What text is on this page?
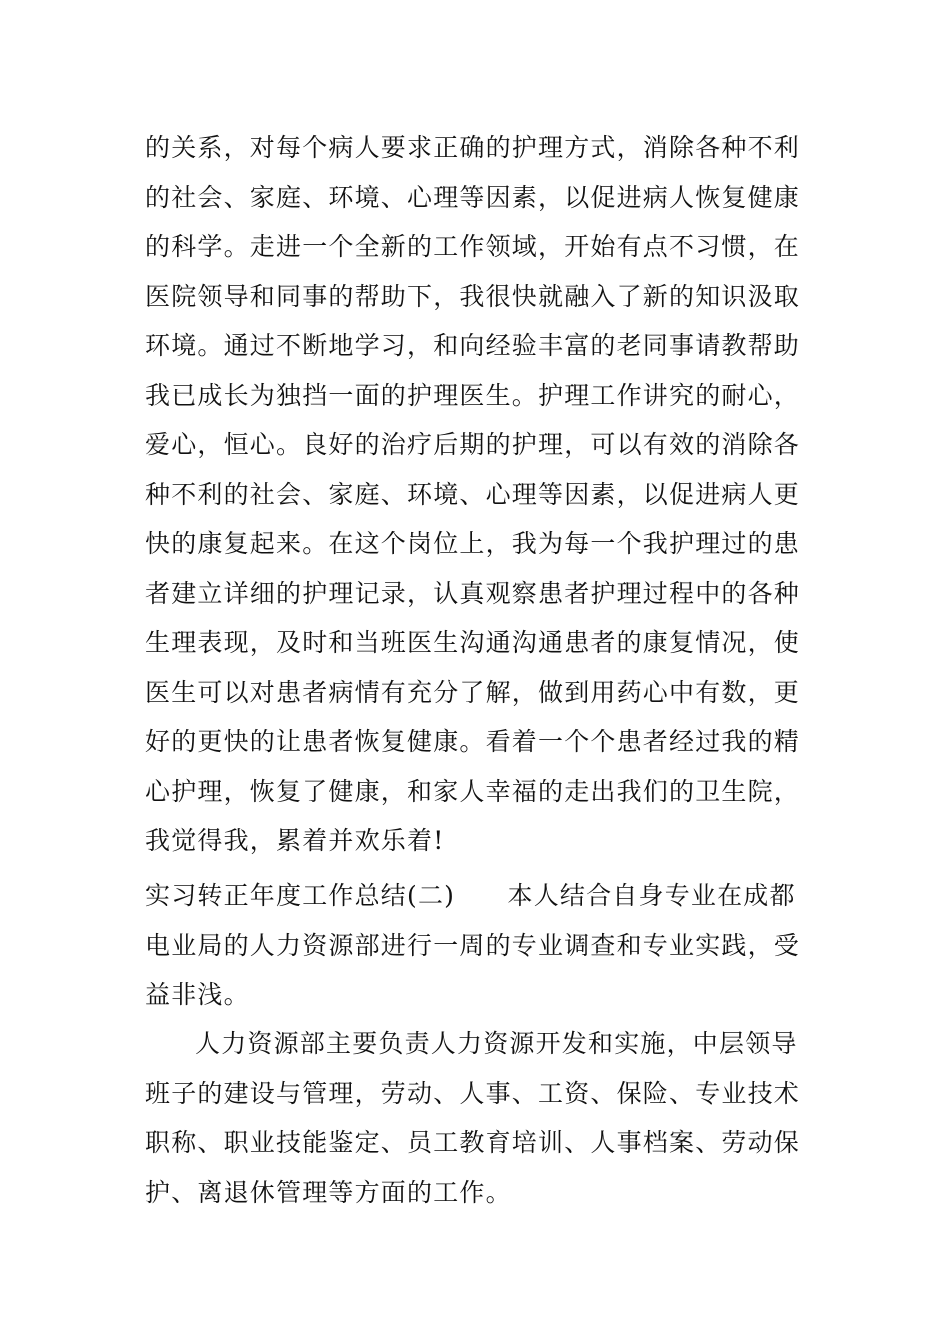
的关系，对每个病人要求正确的护理方式，消除各种不利
的社会、家庭、环境、心理等因素，以促进病人恢复健康
的科学。走进一个全新的工作领域，开始有点不习惯，在
医院领导和同事的帮助下，我很快就融入了新的知识汲取
环境。通过不断地学习，和向经验丰富的老同事请教帮助
我已成长为独挡一面的护理医生。护理工作讲究的耐心，
爱心，恒心。良好的治疗后期的护理，可以有效的消除各
种不利的社会、家庭、环境、心理等因素，以促进病人更
快的康复起来。在这个岗位上，我为每一个我护理过的患
者建立详细的护理记录，认真观察患者护理过程中的各种
生理表现，及时和当班医生沟通沟通患者的康复情况，使
医生可以对患者病情有充分了解，做到用药心中有数，更
好的更快的让患者恢复健康。看着一个个患者经过我的精
心护理，恢复了健康，和家人幸福的走出我们的卫生院，
我觉得我，累着并欢乐着!
实习转正年度工作总结(二)　　本人结合自身专业在成都
电业局的人力资源部进行一周的专业调查和专业实践，受
益非浅。
人力资源部主要负责人力资源开发和实施，中层领导
班子的建设与管理，劳动、人事、工资、保险、专业技术
职称、职业技能鉴定、员工教育培训、人事档案、劳动保
护、离退休管理等方面的工作。
